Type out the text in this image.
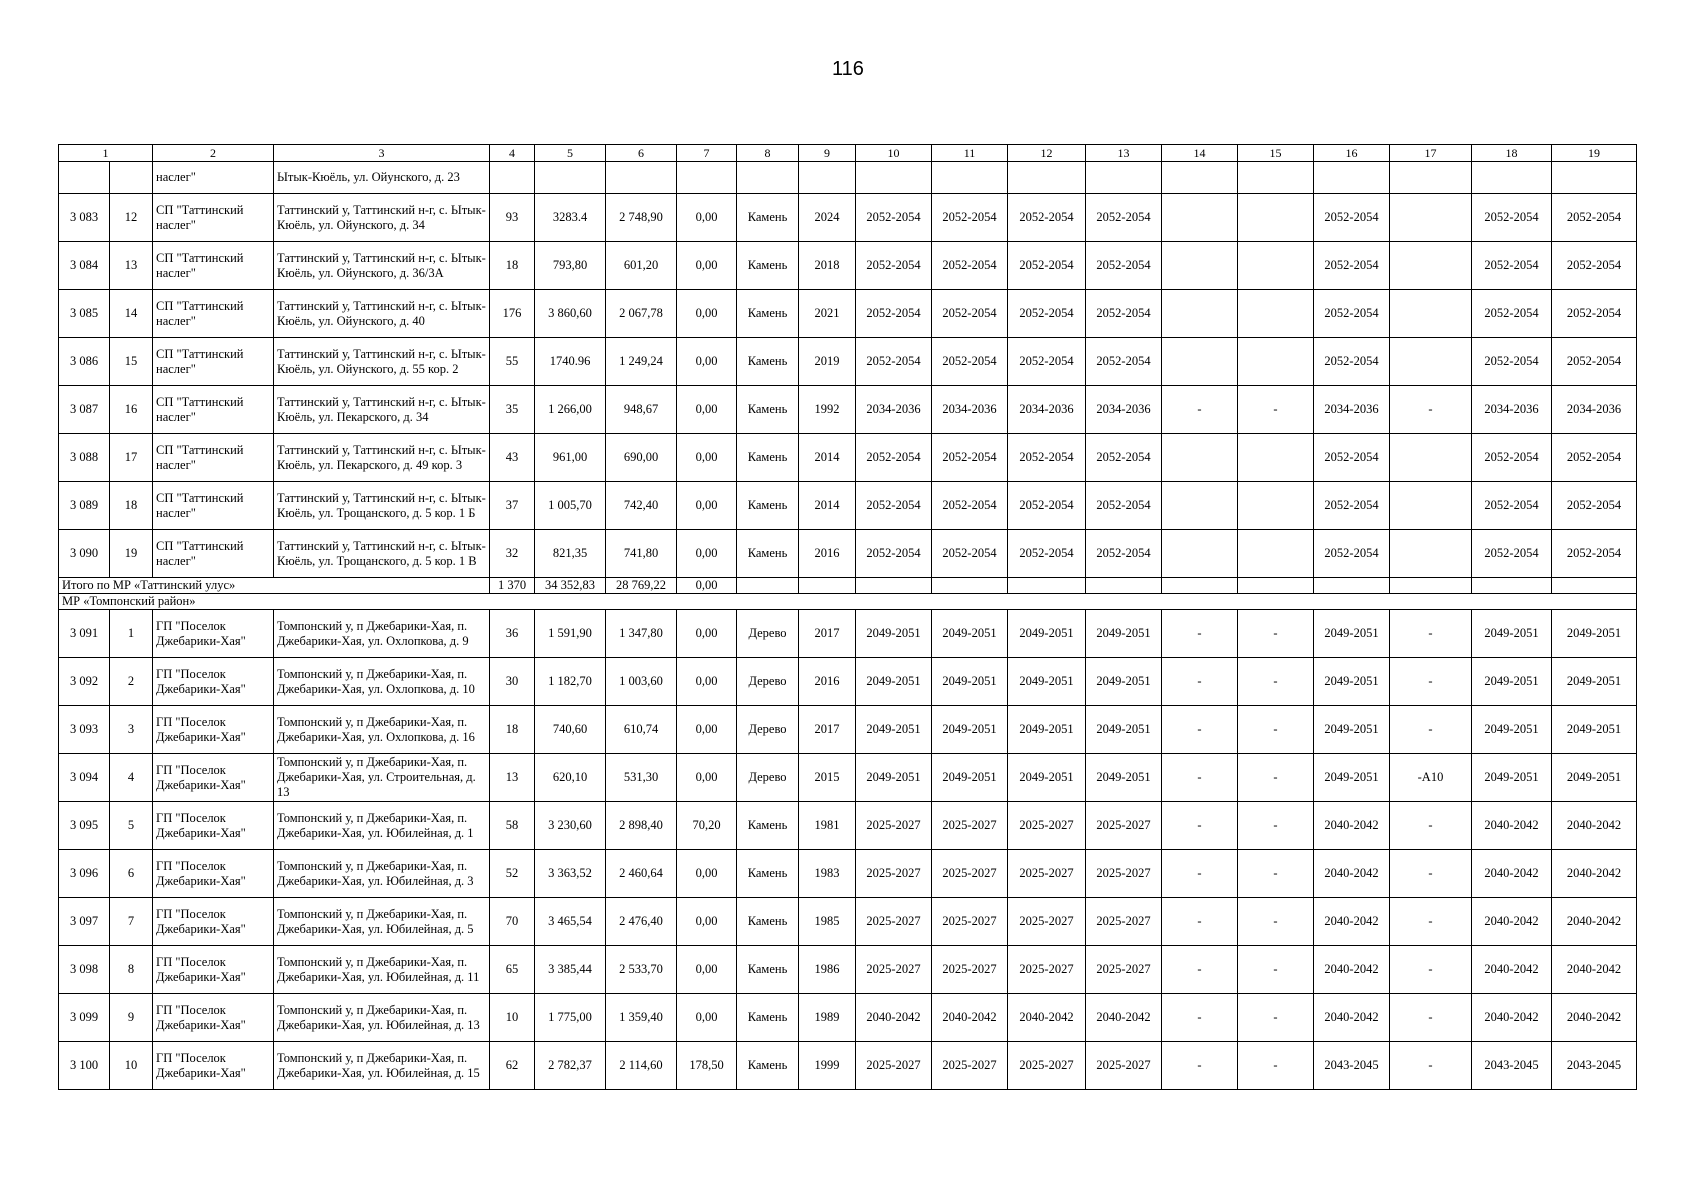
116
1		2	3	4	5	6	7	8	9	10	11	12	13	14	15	16	17	18	19
		наслег"	Ытык-Кюёль, ул. Ойунского, д. 23																
3 083	12	СП "Таттинский наслег"	Таттинский у, Таттинский н-г, с. Ытык-Кюёль, ул. Ойунского, д. 34	93	3283.4	2 748,90	0,00	Камень	2024	2052-2054	2052-2054	2052-2054	2052-2054			2052-2054		2052-2054	2052-2054
3 084	13	СП "Таттинский наслег"	Таттинский у, Таттинский н-г, с. Ытык-Кюёль, ул. Ойунского, д. 36/3А	18	793,80	601,20	0,00	Камень	2018	2052-2054	2052-2054	2052-2054	2052-2054			2052-2054		2052-2054	2052-2054
3 085	14	СП "Таттинский наслег"	Таттинский у, Таттинский н-г, с. Ытык-Кюёль, ул. Ойунского, д. 40	176	3 860,60	2 067,78	0,00	Камень	2021	2052-2054	2052-2054	2052-2054	2052-2054			2052-2054		2052-2054	2052-2054
3 086	15	СП "Таттинский наслег"	Таттинский у, Таттинский н-г, с. Ытык-Кюёль, ул. Ойунского, д. 55 кор. 2	55	1740.96	1 249,24	0,00	Камень	2019	2052-2054	2052-2054	2052-2054	2052-2054			2052-2054		2052-2054	2052-2054
3 087	16	СП "Таттинский наслег"	Таттинский у, Таттинский н-г, с. Ытык-Кюёль, ул. Пекарского, д. 34	35	1 266,00	948,67	0,00	Камень	1992	2034-2036	2034-2036	2034-2036	2034-2036	-	-	2034-2036	-	2034-2036	2034-2036
3 088	17	СП "Таттинский наслег"	Таттинский у, Таттинский н-г, с. Ытык-Кюёль, ул. Пекарского, д. 49 кор. 3	43	961,00	690,00	0,00	Камень	2014	2052-2054	2052-2054	2052-2054	2052-2054			2052-2054		2052-2054	2052-2054
3 089	18	СП "Таттинский наслег"	Таттинский у, Таттинский н-г, с. Ытык-Кюёль, ул. Трощанского, д. 5 кор. 1 Б	37	1 005,70	742,40	0,00	Камень	2014	2052-2054	2052-2054	2052-2054	2052-2054			2052-2054		2052-2054	2052-2054
3 090	19	СП "Таттинский наслег"	Таттинский у, Таттинский н-г, с. Ытык-Кюёль, ул. Трощанского, д. 5 кор. 1 В	32	821,35	741,80	0,00	Камень	2016	2052-2054	2052-2054	2052-2054	2052-2054			2052-2054		2052-2054	2052-2054
Итого по МР «Таттинский улус»				1 370	34 352,83	28 769,22	0,00												
МР «Томпонский район»																			
3 091	1	ГП "Поселок Джебарики-Хая"	Томпонский у, п Джебарики-Хая, п. Джебарики-Хая, ул. Охлопкова, д. 9	36	1 591,90	1 347,80	0,00	Дерево	2017	2049-2051	2049-2051	2049-2051	2049-2051	-	-	2049-2051	-	2049-2051	2049-2051
3 092	2	ГП "Поселок Джебарики-Хая"	Томпонский у, п Джебарики-Хая, п. Джебарики-Хая, ул. Охлопкова, д. 10	30	1 182,70	1 003,60	0,00	Дерево	2016	2049-2051	2049-2051	2049-2051	2049-2051	-	-	2049-2051	-	2049-2051	2049-2051
3 093	3	ГП "Поселок Джебарики-Хая"	Томпонский у, п Джебарики-Хая, п. Джебарики-Хая, ул. Охлопкова, д. 16	18	740,60	610,74	0,00	Дерево	2017	2049-2051	2049-2051	2049-2051	2049-2051	-	-	2049-2051	-	2049-2051	2049-2051
3 094	4	ГП "Поселок Джебарики-Хая"	Томпонский у, п Джебарики-Хая, п. Джебарики-Хая, ул. Строительная, д. 13	13	620,10	531,30	0,00	Дерево	2015	2049-2051	2049-2051	2049-2051	2049-2051	-	-	2049-2051	-А10	2049-2051	2049-2051
3 095	5	ГП "Поселок Джебарики-Хая"	Томпонский у, п Джебарики-Хая, п. Джебарики-Хая, ул. Юбилейная, д. 1	58	3 230,60	2 898,40	70,20	Камень	1981	2025-2027	2025-2027	2025-2027	2025-2027	-	-	2040-2042	-	2040-2042	2040-2042
3 096	6	ГП "Поселок Джебарики-Хая"	Томпонский у, п Джебарики-Хая, п. Джебарики-Хая, ул. Юбилейная, д. 3	52	3 363,52	2 460,64	0,00	Камень	1983	2025-2027	2025-2027	2025-2027	2025-2027	-	-	2040-2042	-	2040-2042	2040-2042
3 097	7	ГП "Поселок Джебарики-Хая"	Томпонский у, п Джебарики-Хая, п. Джебарики-Хая, ул. Юбилейная, д. 5	70	3 465,54	2 476,40	0,00	Камень	1985	2025-2027	2025-2027	2025-2027	2025-2027	-	-	2040-2042	-	2040-2042	2040-2042
3 098	8	ГП "Поселок Джебарики-Хая"	Томпонский у, п Джебарики-Хая, п. Джебарики-Хая, ул. Юбилейная, д. 11	65	3 385,44	2 533,70	0,00	Камень	1986	2025-2027	2025-2027	2025-2027	2025-2027	-	-	2040-2042	-	2040-2042	2040-2042
3 099	9	ГП "Поселок Джебарики-Хая"	Томпонский у, п Джебарики-Хая, п. Джебарики-Хая, ул. Юбилейная, д. 13	10	1 775,00	1 359,40	0,00	Камень	1989	2040-2042	2040-2042	2040-2042	2040-2042	-	-	2040-2042	-	2040-2042	2040-2042
3 100	10	ГП "Поселок Джебарики-Хая"	Томпонский у, п Джебарики-Хая, п. Джебарики-Хая, ул. Юбилейная, д. 15	62	2 782,37	2 114,60	178,50	Камень	1999	2025-2027	2025-2027	2025-2027	2025-2027	-	-	2043-2045	-	2043-2045	2043-2045
